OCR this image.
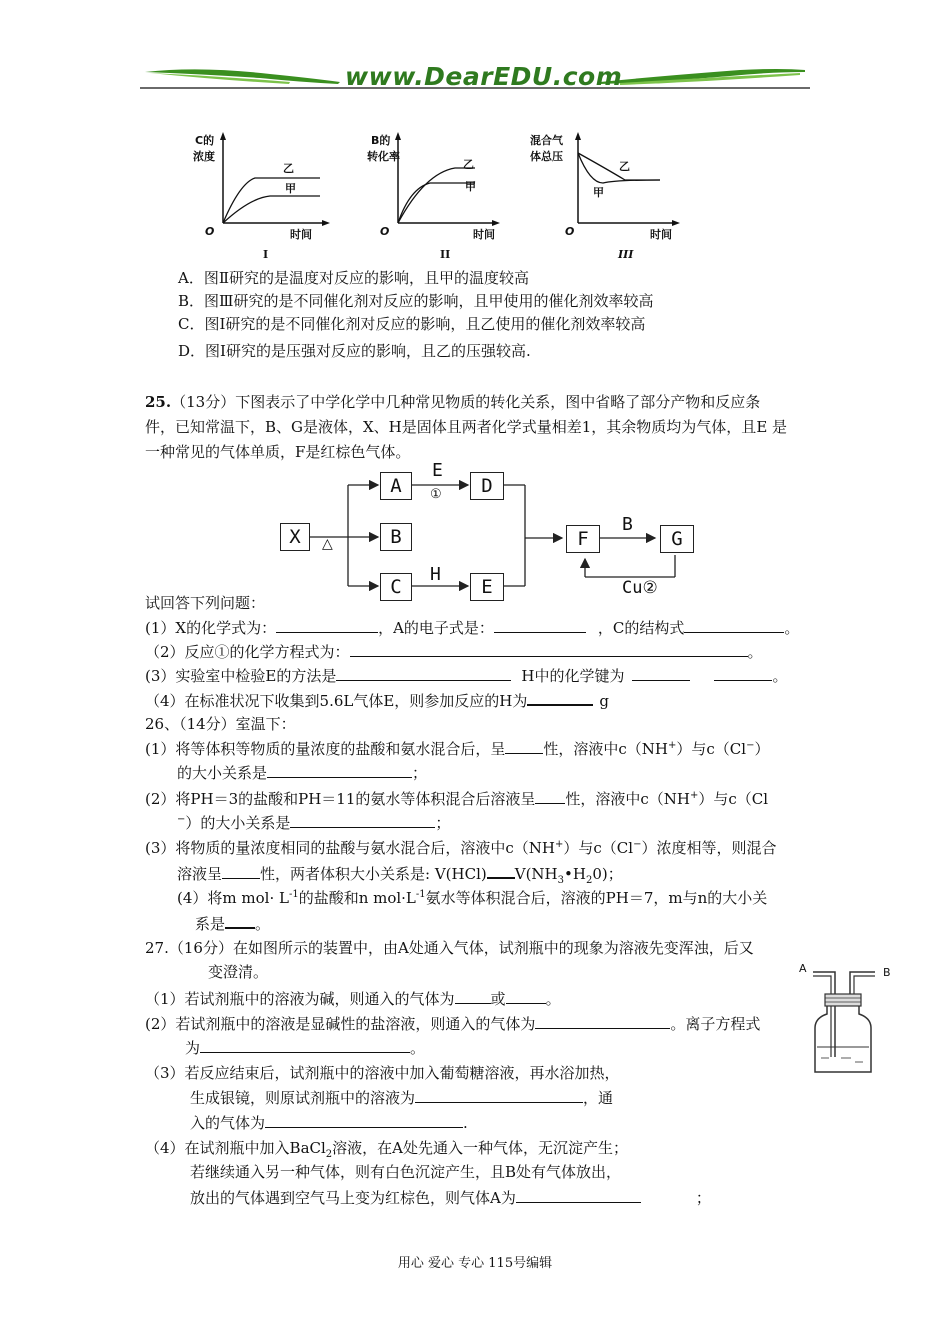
www.DearEDU.com
C的
浓度
乙
甲
O	时间
I
B的
转化率
乙
甲
O	时间
II
混合气
体总压
乙
甲
O	时间
III
A．图Ⅱ研究的是温度对反应的影响，且甲的温度较高
B．图Ⅲ研究的是不同催化剂对反应的影响，且甲使用的催化剂效率较高
C．图Ⅰ研究的是不同催化剂对反应的影响，且乙使用的催化剂效率较高
D．图Ⅰ研究的是压强对反应的影响，且乙的压强较高.
25.（13分）下图表示了中学化学中几种常见物质的转化关系，图中省略了部分产物和反应条
件，已知常温下，B、G是液体，X、H是固体且两者化学式量相差1，其余物质均为气体，且E 是
一种常见的气体单质，F是红棕色气体。
X
A
B
C
D
E
F	G
E
①
H
B
Cu②
△
试回答下列问题：
(1）X的化学式为：	，A的电子式是：	，C的结构式	。
（2）反应①的化学方程式为：	。
(3）实验室中检验E的方法是	H中的化学键为	。
（4）在标准状况下收集到5.6L气体E，则参加反应的H为	g
26、（14分）室温下：
(1）将等体积等物质的量浓度的盐酸和氨水混合后，呈	性，溶液中c（NH+）与c（Cl−）
的大小关系是	；
(2）将PH＝3的盐酸和PH＝11的氨水等体积混合后溶液呈 性，溶液中c（NH+）与c（Cl
−）的大小关系是	；
(3）将物质的量浓度相同的盐酸与氨水混合后，溶液中c（NH+）与c（Cl−）浓度相等，则混合
溶液呈	性，两者体积大小关系是: V(HCl) $V(NH_3•H_20)$；
(4）将m $mol\cdot L^{-1}$的盐酸和n $mol\cdot L^{-1}$氨水等体积混合后，溶液的PH＝7，m与n的大小关
系是 。
27.（16分）在如图所示的装置中，由A处通入气体，试剂瓶中的现象为溶液先变浑浊，后又
变澄清。
（1）若试剂瓶中的溶液为碱，则通入的气体为 或	。
(2）若试剂瓶中的溶液是显碱性的盐溶液，则通入的气体为	。离子方程式
为	。
（3）若反应结束后，试剂瓶中的溶液中加入葡萄糖溶液，再水浴加热，
生成银镜，则原试剂瓶中的溶液为	，通
入的气体为	.
（4）在试剂瓶中加入BaCl$_2$溶液，在A处先通入一种气体，无沉淀产生；
若继续通入另一种气体，则有白色沉淀产生，且B处有气体放出，
放出的气体遇到空气马上变为红棕色，则气体A为	；
A	B
用心 爱心 专心 115号编辑
